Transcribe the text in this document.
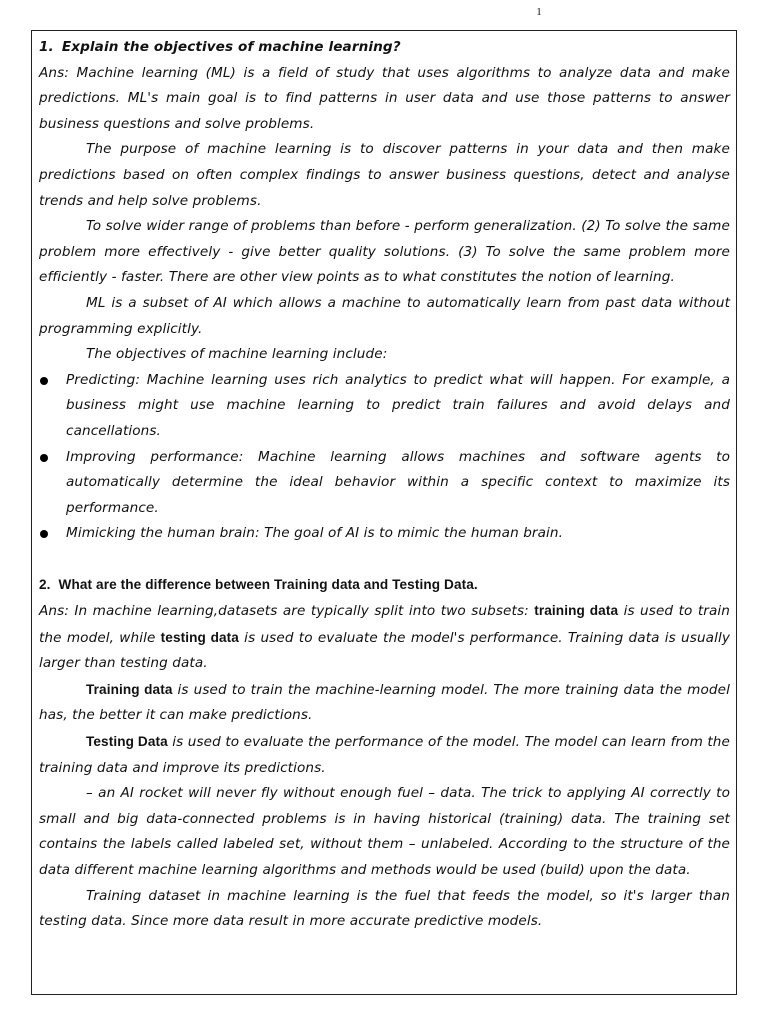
1

1. Explain the objectives of machine learning?

Ans: Machine learning (ML) is a field of study that uses algorithms to analyze data and make predictions. ML's main goal is to find patterns in user data and use those patterns to answer business questions and solve problems.

The purpose of machine learning is to discover patterns in your data and then make predictions based on often complex findings to answer business questions, detect and analyse trends and help solve problems.

To solve wider range of problems than before - perform generalization. (2) To solve the same problem more effectively - give better quality solutions. (3) To solve the same problem more efficiently - faster. There are other view points as to what constitutes the notion of learning.

ML is a subset of AI which allows a machine to automatically learn from past data without programming explicitly.

The objectives of machine learning include:

Predicting: Machine learning uses rich analytics to predict what will happen. For example, a business might use machine learning to predict train failures and avoid delays and cancellations.
Improving performance: Machine learning allows machines and software agents to automatically determine the ideal behavior within a specific context to maximize its performance.
Mimicking the human brain: The goal of AI is to mimic the human brain.

2. What are the difference between Training data and Testing Data.

Ans: In machine learning,datasets are typically split into two subsets: training data is used to train the model, while testing data is used to evaluate the model's performance. Training data is usually larger than testing data.

Training data is used to train the machine-learning model. The more training data the model has, the better it can make predictions.

Testing Data is used to evaluate the performance of the model. The model can learn from the training data and improve its predictions.

– an AI rocket will never fly without enough fuel – data. The trick to applying AI correctly to small and big data-connected problems is in having historical (training) data. The training set contains the labels called labeled set, without them – unlabeled. According to the structure of the data different machine learning algorithms and methods would be used (build) upon the data.

Training dataset in machine learning is the fuel that feeds the model, so it's larger than testing data. Since more data result in more accurate predictive models.
